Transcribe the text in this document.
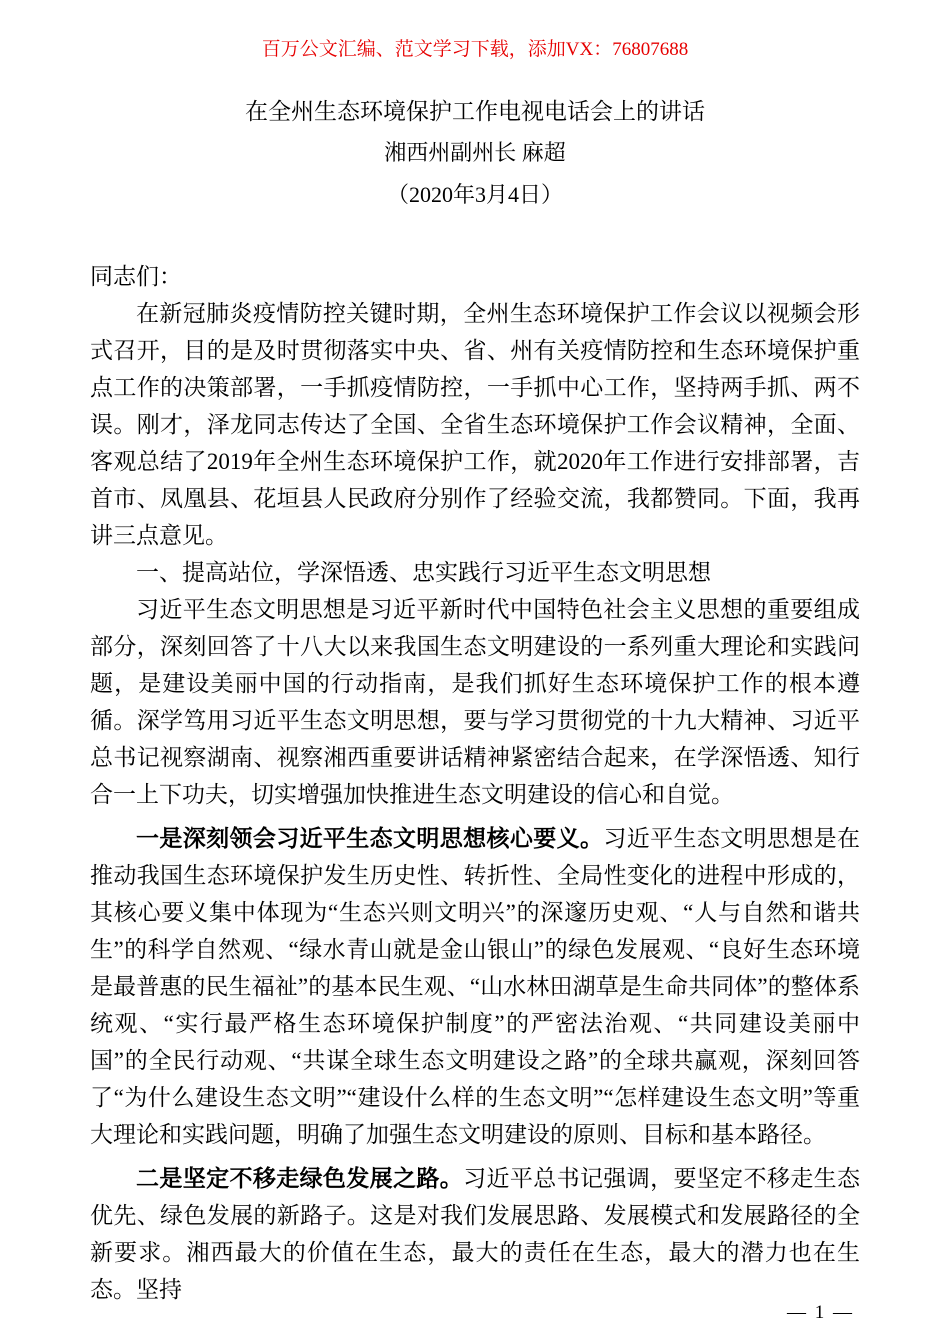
百万公文汇编、范文学习下载，添加VX：76807688
在全州生态环境保护工作电视电话会上的讲话
湘西州副州长 麻超
（2020年3月4日）

同志们：

在新冠肺炎疫情防控关键时期，全州生态环境保护工作会议以视频会形式召开，目的是及时贯彻落实中央、省、州有关疫情防控和生态环境保护重点工作的决策部署，一手抓疫情防控，一手抓中心工作，坚持两手抓、两不误。刚才，泽龙同志传达了全国、全省生态环境保护工作会议精神，全面、客观总结了2019年全州生态环境保护工作，就2020年工作进行安排部署，吉首市、凤凰县、花垣县人民政府分别作了经验交流，我都赞同。下面，我再讲三点意见。

一、提高站位，学深悟透、忠实践行习近平生态文明思想

习近平生态文明思想是习近平新时代中国特色社会主义思想的重要组成部分，深刻回答了十八大以来我国生态文明建设的一系列重大理论和实践问题，是建设美丽中国的行动指南，是我们抓好生态环境保护工作的根本遵循。深学笃用习近平生态文明思想，要与学习贯彻党的十九大精神、习近平总书记视察湖南、视察湘西重要讲话精神紧密结合起来，在学深悟透、知行合一上下功夫，切实增强加快推进生态文明建设的信心和自觉。

一是深刻领会习近平生态文明思想核心要义。习近平生态文明思想是在推动我国生态环境保护发生历史性、转折性、全局性变化的进程中形成的，其核心要义集中体现为“生态兴则文明兴”的深邃历史观、“人与自然和谐共生”的科学自然观、“绿水青山就是金山银山”的绿色发展观、“良好生态环境是最普惠的民生福祉”的基本民生观、“山水林田湖草是生命共同体”的整体系统观、“实行最严格生态环境保护制度”的严密法治观、“共同建设美丽中国”的全民行动观、“共谋全球生态文明建设之路”的全球共赢观，深刻回答了“为什么建设生态文明”“建设什么样的生态文明”“怎样建设生态文明”等重大理论和实践问题，明确了加强生态文明建设的原则、目标和基本路径。

二是坚定不移走绿色发展之路。习近平总书记强调，要坚定不移走生态优先、绿色发展的新路子。这是对我们发展思路、发展模式和发展路径的全新要求。湘西最大的价值在生态，最大的责任在生态，最大的潜力也在生态。坚持

— 1 —
